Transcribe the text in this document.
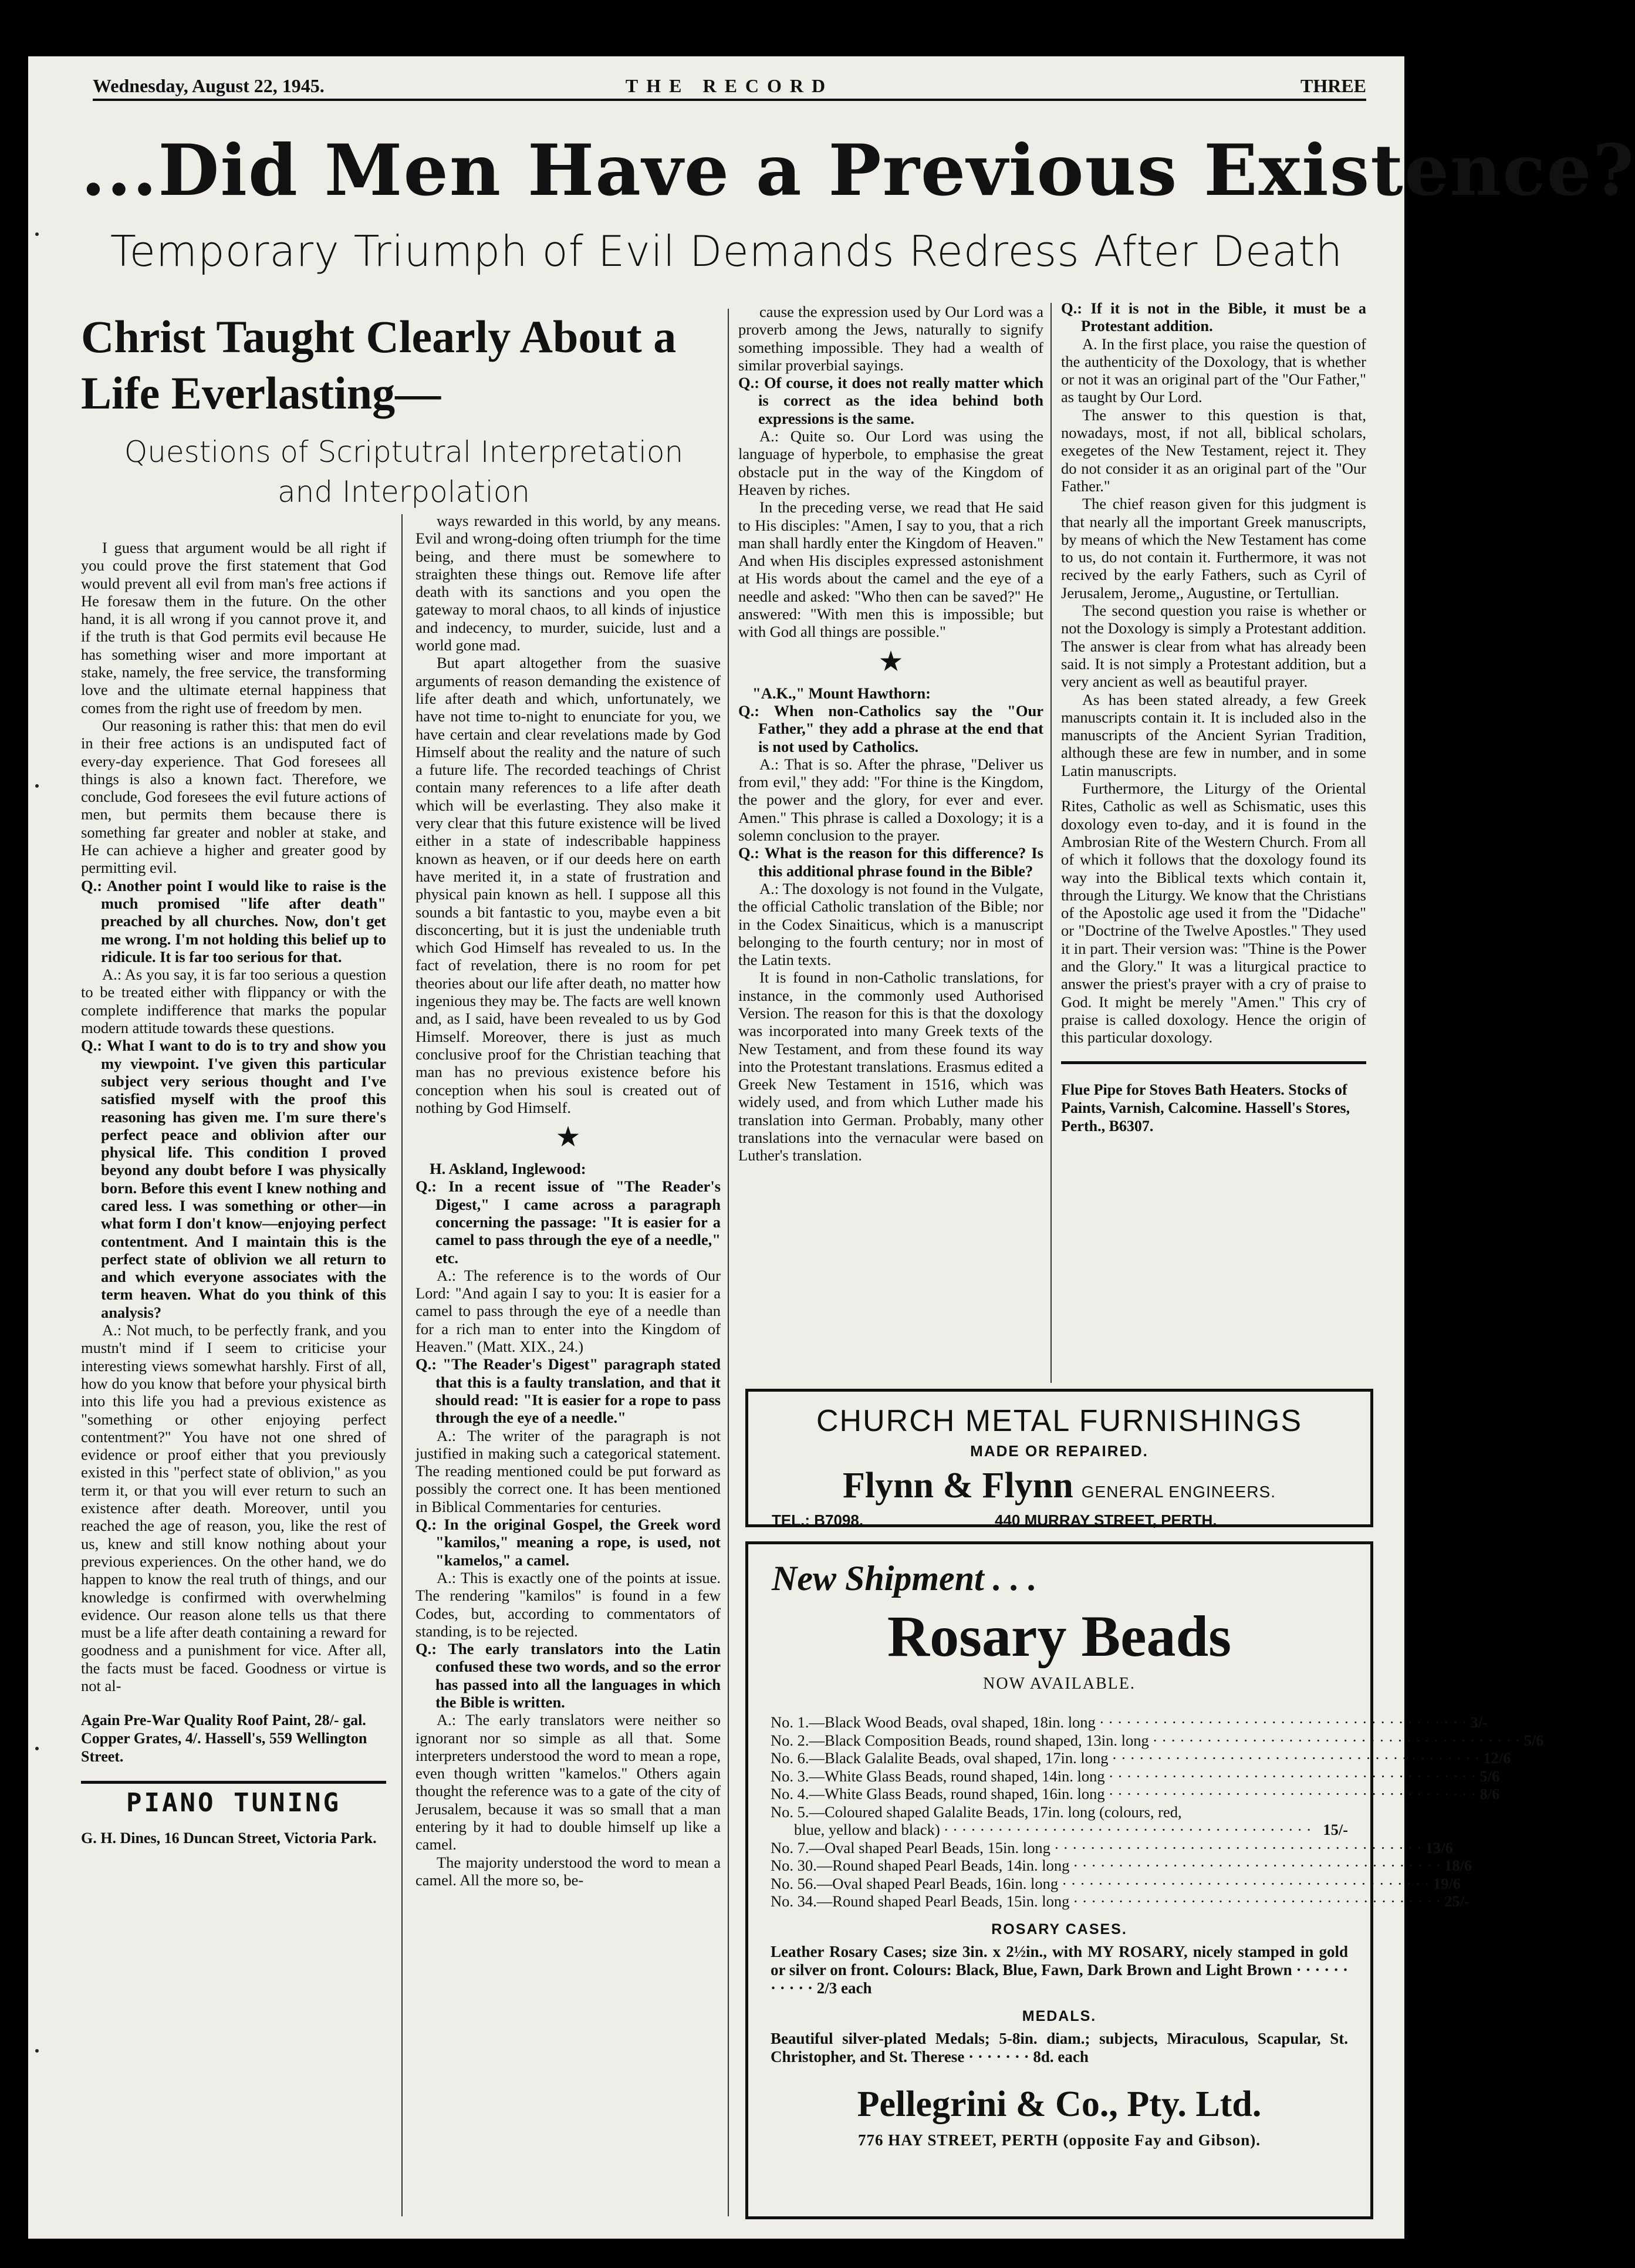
Wednesday, August 22, 1945.	THE RECORD	THREE
...Did Men Have a Previous Existence?
Temporary Triumph of Evil Demands Redress After Death
Christ Taught Clearly About a Life Everlasting—
Questions of Scriptutral Interpretation and Interpolation

I guess that argument would be all right if you could prove the first statement that God would prevent all evil from man's free actions if He foresaw them in the future. On the other hand, it is all wrong if you cannot prove it, and if the truth is that God permits evil because He has something wiser and more important at stake, namely, the free service, the transforming love and the ultimate eternal happiness that comes from the right use of freedom by men.

Our reasoning is rather this: that men do evil in their free actions is an undisputed fact of every-day experience. That God foresees all things is also a known fact. Therefore, we conclude, God foresees the evil future actions of men, but permits them because there is something far greater and nobler at stake, and He can achieve a higher and greater good by permitting evil.

Q.: Another point I would like to raise is the much promised "life after death" preached by all churches. Now, don't get me wrong. I'm not holding this belief up to ridicule. It is far too serious for that.

A.: As you say, it is far too serious a question to be treated either with flippancy or with the complete indifference that marks the popular modern attitude towards these questions.

Q.: What I want to do is to try and show you my viewpoint. I've given this particular subject very serious thought and I've satisfied myself with the proof this reasoning has given me. I'm sure there's perfect peace and oblivion after our physical life. This condition I proved beyond any doubt before I was physically born. Before this event I knew nothing and cared less. I was something or other—in what form I don't know—enjoying perfect contentment. And I maintain this is the perfect state of oblivion we all return to and which everyone associates with the term heaven. What do you think of this analysis?

A.: Not much, to be perfectly frank, and you mustn't mind if I seem to criticise your interesting views somewhat harshly. First of all, how do you know that before your physical birth into this life you had a previous existence as "something or other enjoying perfect contentment?" You have not one shred of evidence or proof either that you previously existed in this "perfect state of oblivion," as you term it, or that you will ever return to such an existence after death. Moreover, until you reached the age of reason, you, like the rest of us, knew and still know nothing about your previous experiences. On the other hand, we do happen to know the real truth of things, and our knowledge is confirmed with overwhelming evidence. Our reason alone tells us that there must be a life after death containing a reward for goodness and a punishment for vice. After all, the facts must be faced. Goodness or virtue is not al-

Again Pre-War Quality Roof Paint, 28/- gal. Copper Grates, 4/. Hassell's, 559 Wellington Street.
PIANO TUNING
G. H. Dines, 16 Duncan Street, Victoria Park.

ways rewarded in this world, by any means. Evil and wrong-doing often triumph for the time being, and there must be somewhere to straighten these things out. Remove life after death with its sanctions and you open the gateway to moral chaos, to all kinds of injustice and indecency, to murder, suicide, lust and a world gone mad.

But apart altogether from the suasive arguments of reason demanding the existence of life after death and which, unfortunately, we have not time to-night to enunciate for you, we have certain and clear revelations made by God Himself about the reality and the nature of such a future life. The recorded teachings of Christ contain many references to a life after death which will be everlasting. They also make it very clear that this future existence will be lived either in a state of indescribable happiness known as heaven, or if our deeds here on earth have merited it, in a state of frustration and physical pain known as hell. I suppose all this sounds a bit fantastic to you, maybe even a bit disconcerting, but it is just the undeniable truth which God Himself has revealed to us. In the fact of revelation, there is no room for pet theories about our life after death, no matter how ingenious they may be. The facts are well known and, as I said, have been revealed to us by God Himself. Moreover, there is just as much conclusive proof for the Christian teaching that man has no previous existence before his conception when his soul is created out of nothing by God Himself.

★

H. Askland, Inglewood:

Q.: In a recent issue of "The Reader's Digest," I came across a paragraph concerning the passage: "It is easier for a camel to pass through the eye of a needle," etc.

A.: The reference is to the words of Our Lord: "And again I say to you: It is easier for a camel to pass through the eye of a needle than for a rich man to enter into the Kingdom of Heaven." (Matt. XIX., 24.)

Q.: "The Reader's Digest" paragraph stated that this is a faulty translation, and that it should read: "It is easier for a rope to pass through the eye of a needle."

A.: The writer of the paragraph is not justified in making such a categorical statement. The reading mentioned could be put forward as possibly the correct one. It has been mentioned in Biblical Commentaries for centuries.

Q.: In the original Gospel, the Greek word "kamilos," meaning a rope, is used, not "kamelos," a camel.

A.: This is exactly one of the points at issue. The rendering "kamilos" is found in a few Codes, but, according to commentators of standing, is to be rejected.

Q.: The early translators into the Latin confused these two words, and so the error has passed into all the languages in which the Bible is written.

A.: The early translators were neither so ignorant nor so simple as all that. Some interpreters understood the word to mean a rope, even though written "kamelos." Others again thought the reference was to a gate of the city of Jerusalem, because it was so small that a man entering by it had to double himself up like a camel.

The majority understood the word to mean a camel. All the more so, be-

cause the expression used by Our Lord was a proverb among the Jews, naturally to signify something impossible. They had a wealth of similar proverbial sayings.

Q.: Of course, it does not really matter which is correct as the idea behind both expressions is the same.

A.: Quite so. Our Lord was using the language of hyperbole, to emphasise the great obstacle put in the way of the Kingdom of Heaven by riches.

In the preceding verse, we read that He said to His disciples: "Amen, I say to you, that a rich man shall hardly enter the Kingdom of Heaven." And when His disciples expressed astonishment at His words about the camel and the eye of a needle and asked: "Who then can be saved?" He answered: "With men this is impossible; but with God all things are possible."

★

"A.K.," Mount Hawthorn:

Q.: When non-Catholics say the "Our Father," they add a phrase at the end that is not used by Catholics.

A.: That is so. After the phrase, "Deliver us from evil," they add: "For thine is the Kingdom, the power and the glory, for ever and ever. Amen." This phrase is called a Doxology; it is a solemn conclusion to the prayer.

Q.: What is the reason for this difference? Is this additional phrase found in the Bible?

A.: The doxology is not found in the Vulgate, the official Catholic translation of the Bible; nor in the Codex Sinaiticus, which is a manuscript belonging to the fourth century; nor in most of the Latin texts.

It is found in non-Catholic translations, for instance, in the commonly used Authorised Version. The reason for this is that the doxology was incorporated into many Greek texts of the New Testament, and from these found its way into the Protestant translations. Erasmus edited a Greek New Testament in 1516, which was widely used, and from which Luther made his translation into German. Probably, many other translations into the vernacular were based on Luther's translation.

Q.: If it is not in the Bible, it must be a Protestant addition.

A. In the first place, you raise the question of the authenticity of the Doxology, that is whether or not it was an original part of the "Our Father," as taught by Our Lord.

The answer to this question is that, nowadays, most, if not all, biblical scholars, exegetes of the New Testament, reject it. They do not consider it as an original part of the "Our Father."

The chief reason given for this judgment is that nearly all the important Greek manuscripts, by means of which the New Testament has come to us, do not contain it. Furthermore, it was not recived by the early Fathers, such as Cyril of Jerusalem, Jerome,, Augustine, or Tertullian.

The second question you raise is whether or not the Doxology is simply a Protestant addition. The answer is clear from what has already been said. It is not simply a Protestant addition, but a very ancient as well as beautiful prayer.

As has been stated already, a few Greek manuscripts contain it. It is included also in the manuscripts of the Ancient Syrian Tradition, although these are few in number, and in some Latin manuscripts.

Furthermore, the Liturgy of the Oriental Rites, Catholic as well as Schismatic, uses this doxology even to-day, and it is found in the Ambrosian Rite of the Western Church. From all of which it follows that the doxology found its way into the Biblical texts which contain it, through the Liturgy. We know that the Christians of the Apostolic age used it from the "Didache" or "Doctrine of the Twelve Apostles." They used it in part. Their version was: "Thine is the Power and the Glory." It was a liturgical practice to answer the priest's prayer with a cry of praise to God. It might be merely "Amen." This cry of praise is called doxology. Hence the origin of this particular doxology.

Flue Pipe for Stoves Bath Heaters. Stocks of Paints, Varnish, Calcomine. Hassell's Stores, Perth., B6307.
CHURCH METAL FURNISHINGS
MADE OR REPAIRED.
Flynn & Flynn GENERAL ENGINEERS.
TEL.: B7098.	440 MURRAY STREET, PERTH.
New Shipment . . .
Rosary Beads
NOW AVAILABLE.
No. 1.—Black Wood Beads, oval shaped, 18in. long · · · · · · · · · · · · · · · · · · · · · · · · · · · · · · · · · · · · · · · · · 3/-
No. 2.—Black Composition Beads, round shaped, 13in. long · · · · · · · · · · · · · · · · · · · · · · · · · · · · · · · · · · · · · · · · · 5/6
No. 6.—Black Galalite Beads, oval shaped, 17in. long · · · · · · · · · · · · · · · · · · · · · · · · · · · · · · · · · · · · · · · · · 12/6
No. 3.—White Glass Beads, round shaped, 14in. long · · · · · · · · · · · · · · · · · · · · · · · · · · · · · · · · · · · · · · · · · 5/6
No. 4.—White Glass Beads, round shaped, 16in. long · · · · · · · · · · · · · · · · · · · · · · · · · · · · · · · · · · · · · · · · · 8/6
No. 5.—Coloured shaped Galalite Beads, 17in. long (colours, red,
blue, yellow and black) · · · · · · · · · · · · · · · · · · · · · · · · · · · · · · · · · · · · · · · · · 15/-
No. 7.—Oval shaped Pearl Beads, 15in. long · · · · · · · · · · · · · · · · · · · · · · · · · · · · · · · · · · · · · · · · · 13/6
No. 30.—Round shaped Pearl Beads, 14in. long · · · · · · · · · · · · · · · · · · · · · · · · · · · · · · · · · · · · · · · · · 18/6
No. 56.—Oval shaped Pearl Beads, 16in. long · · · · · · · · · · · · · · · · · · · · · · · · · · · · · · · · · · · · · · · · · 19/6
No. 34.—Round shaped Pearl Beads, 15in. long · · · · · · · · · · · · · · · · · · · · · · · · · · · · · · · · · · · · · · · · · 25/-
ROSARY CASES.
Leather Rosary Cases; size 3in. x 2½in., with MY ROSARY, nicely stamped in gold or silver on front. Colours: Black, Blue, Fawn, Dark Brown and Light Brown · · · · · · · · · · · 2/3 each
MEDALS.
Beautiful silver-plated Medals; 5-8in. diam.; subjects, Miraculous, Scapular, St. Christopher, and St. Therese · · · · · · · 8d. each
Pellegrini & Co., Pty. Ltd.
776 HAY STREET, PERTH (opposite Fay and Gibson).
